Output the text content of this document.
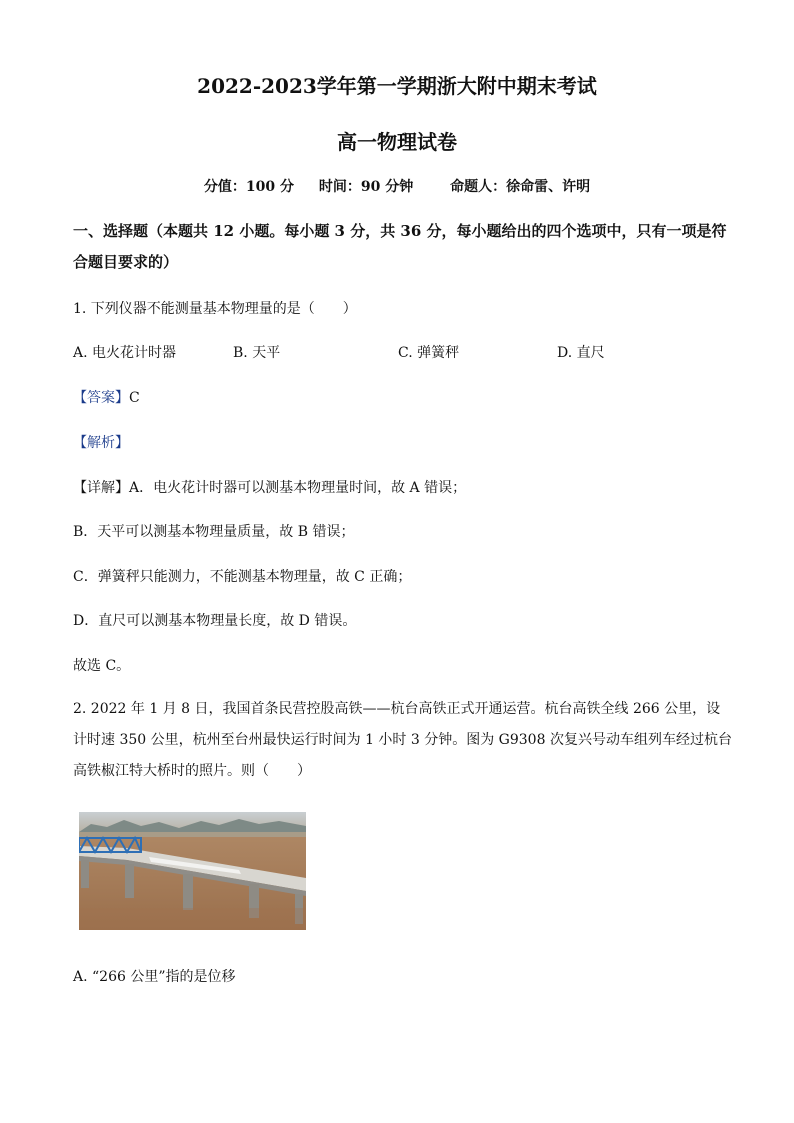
2022-2023学年第一学期浙大附中期末考试
高一物理试卷
分值：100 分 时间：90 分钟	命题人：徐命雷、许明
一、选择题（本题共 12 小题。每小题 3 分，共 36 分，每小题给出的四个选项中，只有一项是符合题目要求的）
1. 下列仪器不能测量基本物理量的是（　　）
A. 电火花计时器	B. 天平	C. 弹簧秤	D. 直尺
【答案】C
【解析】
【详解】A．电火花计时器可以测基本物理量时间，故 A 错误；
B．天平可以测基本物理量质量，故 B 错误；
C．弹簧秤只能测力，不能测基本物理量，故 C 正确；
D．直尺可以测基本物理量长度，故 D 错误。
故选 C。
2. 2022 年 1 月 8 日，我国首条民营控股高铁——杭台高铁正式开通运营。杭台高铁全线 266 公里，设计时速 350 公里，杭州至台州最快运行时间为 1 小时 3 分钟。图为 G9308 次复兴号动车组列车经过杭台高铁椒江特大桥时的照片。则（　　）
A. “266 公里”指的是位移
